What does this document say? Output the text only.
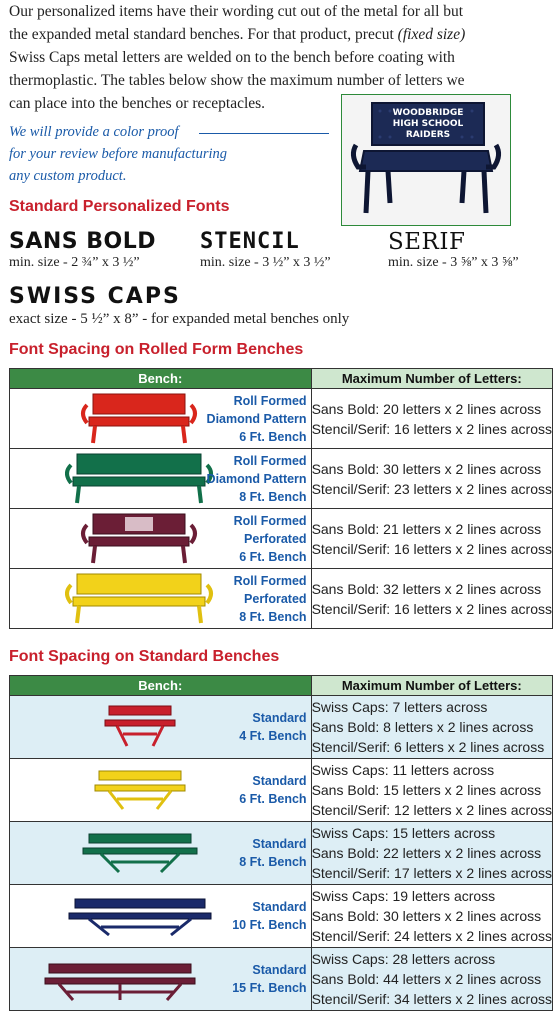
Our personalized items have their wording cut out of the metal for all but
the expanded metal standard benches. For that product, precut (fixed size)
Swiss Caps metal letters are welded on to the bench before coating with
thermoplastic. The tables below show the maximum number of letters we
can place into the benches or receptacles.
WOODBRIDGE
HIGH SCHOOL
RAIDERS
We will provide a color proof
for your review before manufacturing
any custom product.
Standard Personalized Fonts
SANS BOLD
min. size - 2 ¾” x 3 ½”
STENCIL
min. size - 3 ½” x 3 ½”
SERIF
min. size - 3 ⅝” x 3 ⅝”
SWISS CAPS
exact size - 5 ½” x 8” - for expanded metal benches only
Font Spacing on Rolled Form Benches
Bench:	Maximum Number of Letters:

Roll Formed
Diamond Pattern
6 Ft. Bench	Sans Bold: 20 letters x 2 lines across
Stencil/Serif: 16 letters x 2 lines across

Roll Formed
Diamond Pattern
8 Ft. Bench	Sans Bold: 30 letters x 2 lines across
Stencil/Serif: 23 letters x 2 lines across

Roll Formed
Perforated
6 Ft. Bench	Sans Bold: 21 letters x 2 lines across
Stencil/Serif: 16 letters x 2 lines across

Roll Formed
Perforated
8 Ft. Bench	Sans Bold: 32 letters x 2 lines across
Stencil/Serif: 16 letters x 2 lines across
Font Spacing on Standard Benches
Bench:	Maximum Number of Letters:

Standard
4 Ft. Bench	Swiss Caps: 7 letters across
Sans Bold: 8 letters x 2 lines across
Stencil/Serif: 6 letters x 2 lines across

Standard
6 Ft. Bench	Swiss Caps: 11 letters across
Sans Bold: 15 letters x 2 lines across
Stencil/Serif: 12 letters x 2 lines across

Standard
8 Ft. Bench	Swiss Caps: 15 letters across
Sans Bold: 22 letters x 2 lines across
Stencil/Serif: 17 letters x 2 lines across

Standard
10 Ft. Bench	Swiss Caps: 19 letters across
Sans Bold: 30 letters x 2 lines across
Stencil/Serif: 24 letters x 2 lines across

Standard
15 Ft. Bench	Swiss Caps: 28 letters across
Sans Bold: 44 letters x 2 lines across
Stencil/Serif: 34 letters x 2 lines across
